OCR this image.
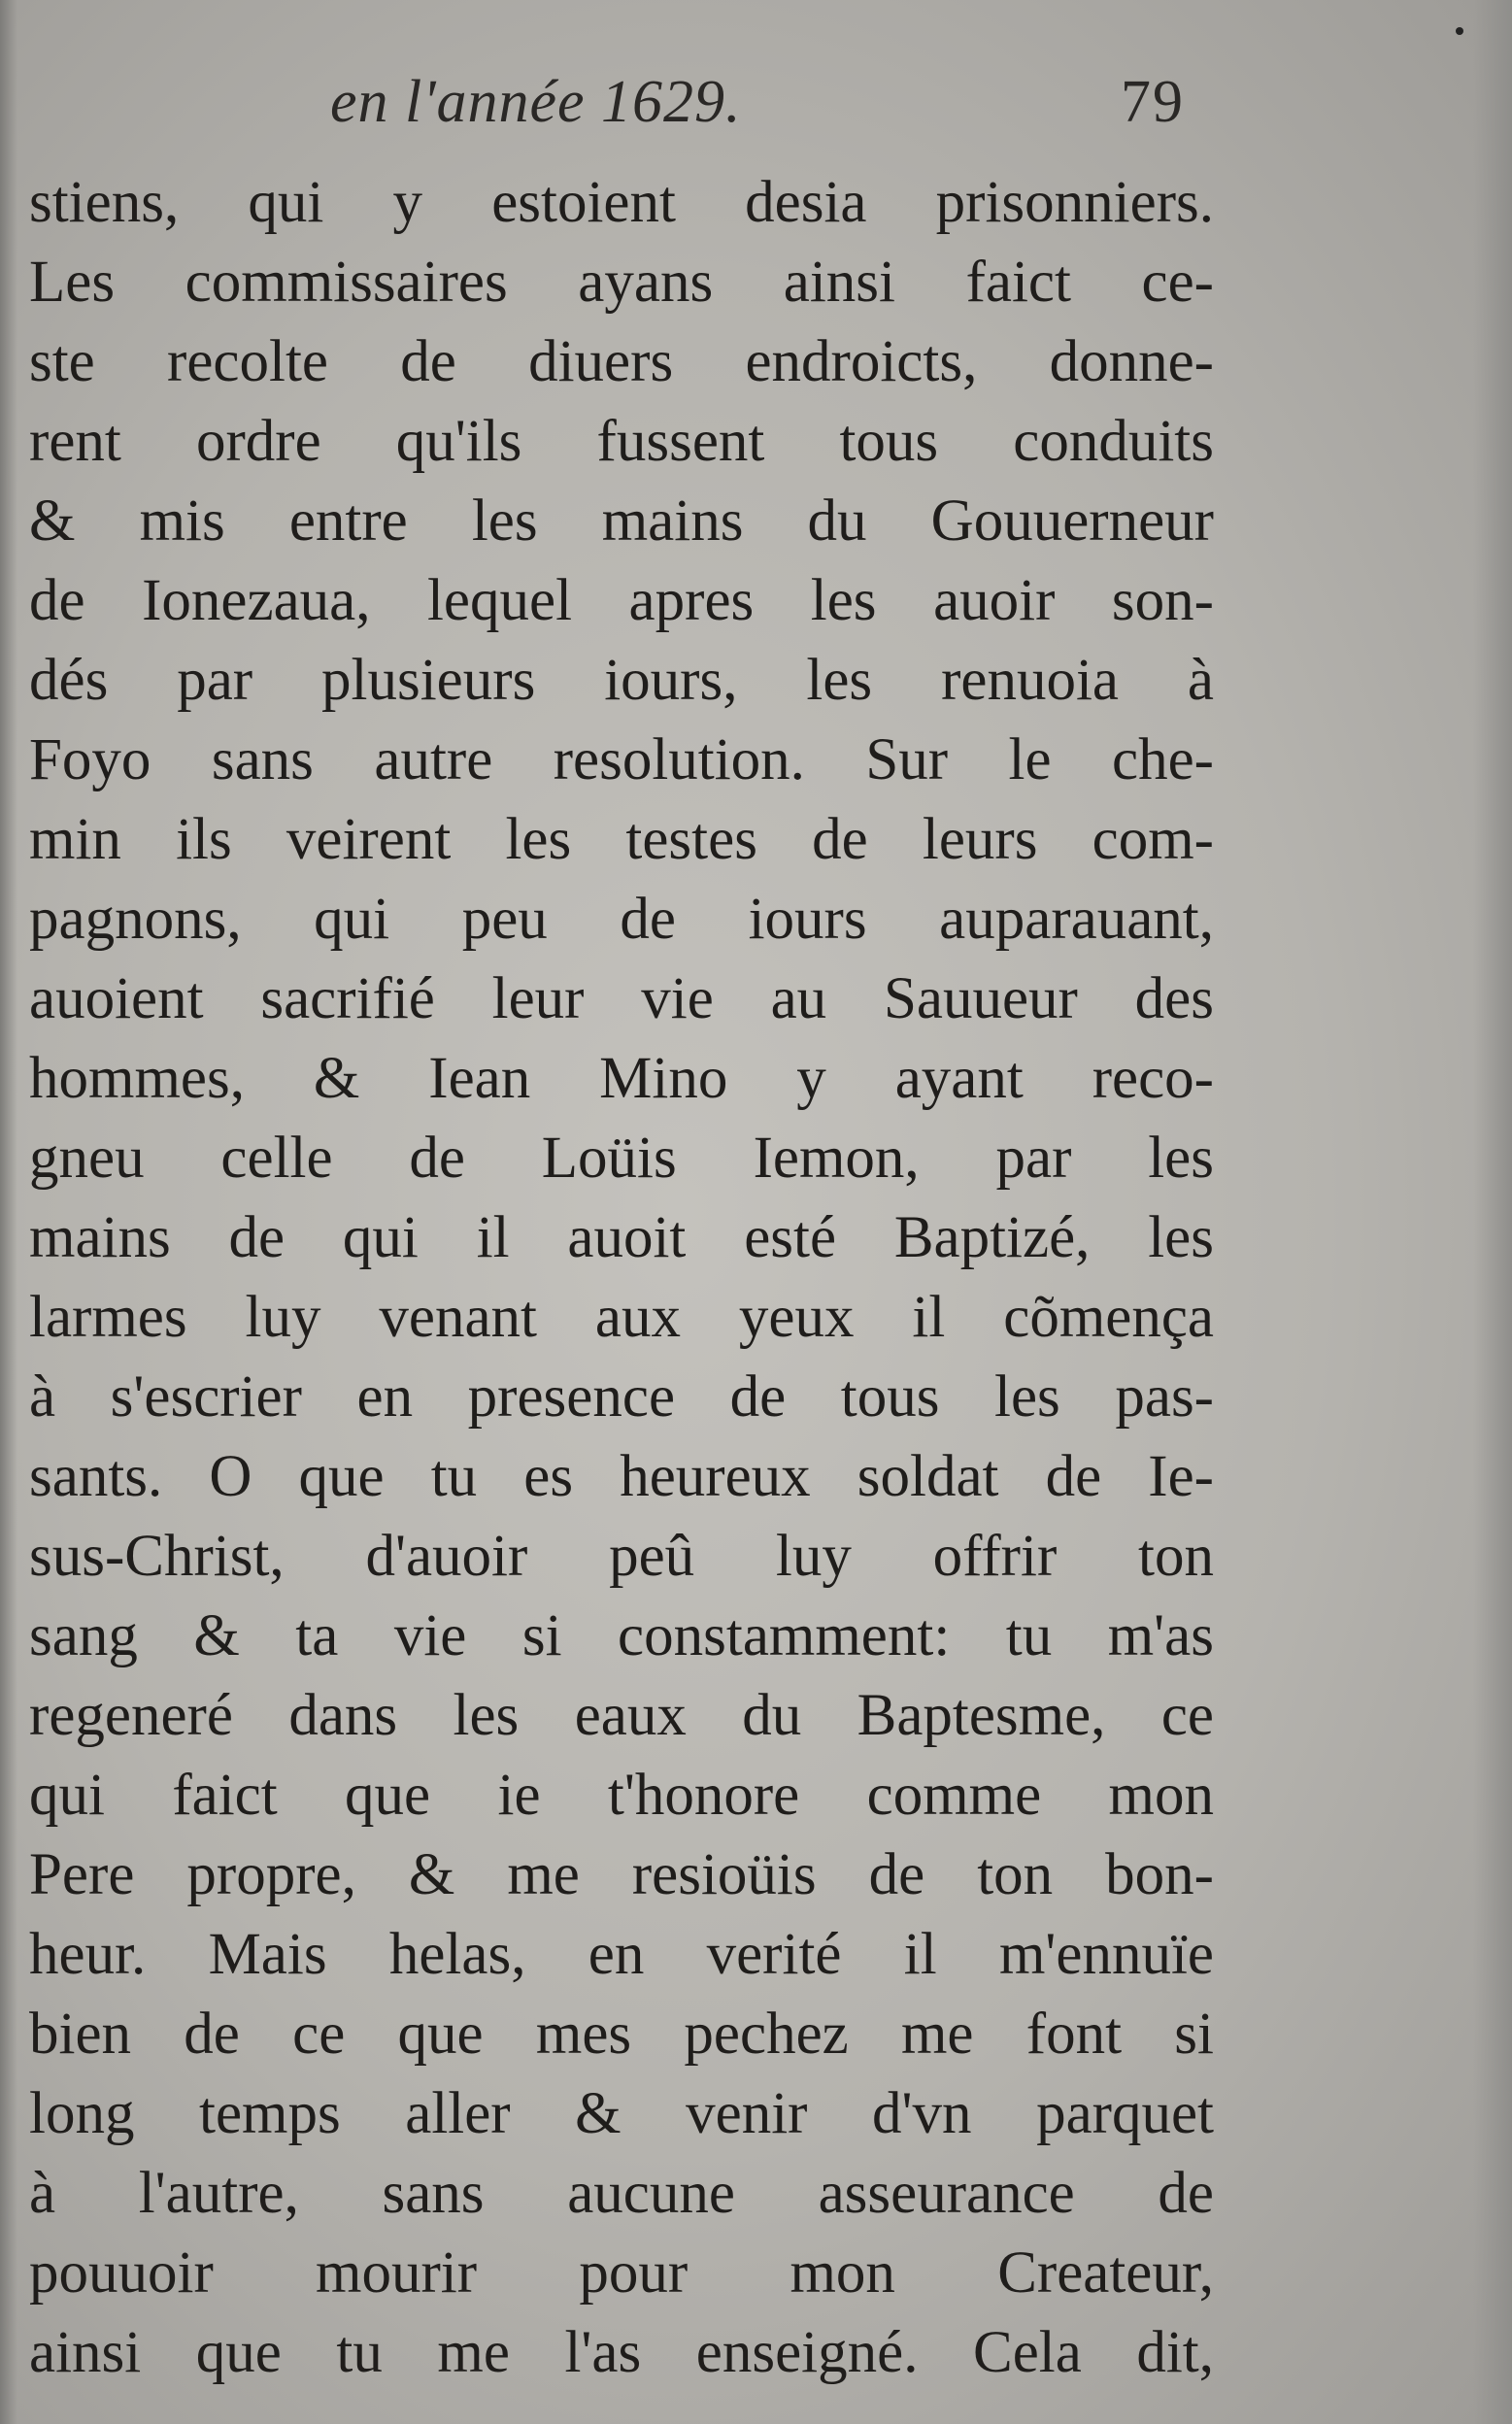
en l'année 1629.	79
stiens, qui y estoient desia prisonniers.
Les commissaires ayans ainsi faict ce-
ste recolte de diuers endroicts, donne-
rent ordre qu'ils fussent tous conduits
& mis entre les mains du Gouuerneur
de Ionezaua, lequel apres les auoir son-
dés par plusieurs iours, les renuoia à
Foyo sans autre resolution. Sur le che-
min ils veirent les testes de leurs com-
pagnons, qui peu de iours auparauant,
auoient sacrifié leur vie au Sauueur des
hommes, & Iean Mino y ayant reco-
gneu celle de Loüis Iemon, par les
mains de qui il auoit esté Baptizé, les
larmes luy venant aux yeux il cõmença
à s'escrier en presence de tous les pas-
sants. O que tu es heureux soldat de Ie-
sus-Christ, d'auoir peû luy offrir ton
sang & ta vie si constamment: tu m'as
regeneré dans les eaux du Baptesme, ce
qui faict que ie t'honore comme mon
Pere propre, & me resioüis de ton bon-
heur. Mais helas, en verité il m'ennuïe
bien de ce que mes pechez me font si
long temps aller & venir d'vn parquet
à l'autre, sans aucune asseurance de
pouuoir mourir pour mon Createur,
ainsi que tu me l'as enseigné. Cela dit,
